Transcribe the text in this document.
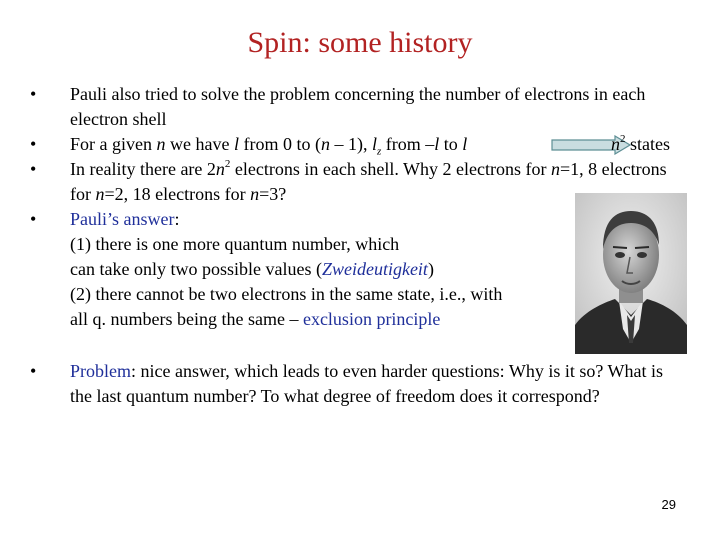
Spin: some history
• Pauli also tried to solve the problem concerning the number of electrons in each electron shell
• For a given n we have l from 0 to (n – 1), $l_z$ from –l to l	$n^2$ states
• In reality there are $2n^2$ electrons in each shell. Why 2 electrons for n=1, 8 electrons for n=2, 18 electrons for n=3?
• Pauli’s answer:
(1) there is one more quantum number, which
can take only two possible values (Zweideutigkeit)
(2) there cannot be two electrons in the same state, i.e., with
all q. numbers being the same – exclusion principle
• Problem: nice answer, which leads to even harder questions: Why is it so? What is the last quantum number? To what degree of freedom does it correspond?
29
